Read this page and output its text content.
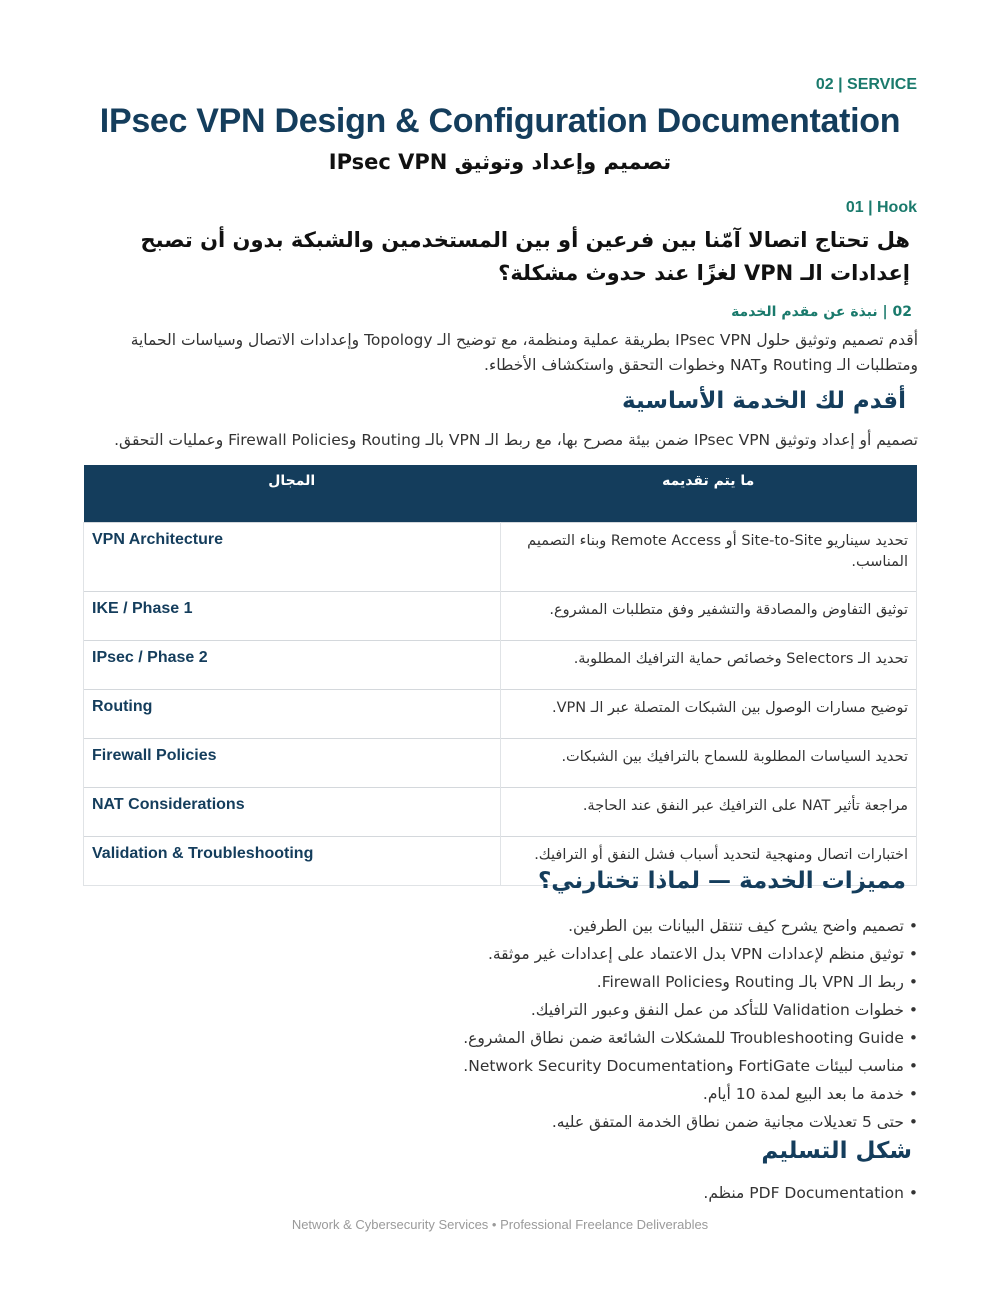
02 | SERVICE
IPsec VPN Design & Configuration Documentation
تصميم وإعداد وتوثيق IPsec VPN
01 | Hook
هل تحتاج اتصالا آمّنا بين فرعين أو بين المستخدمين والشبكة بدون أن تصبح إعدادات الـ VPN لغزًا عند حدوث مشكلة؟
02 | نبذة عن مقدم الخدمة
أقدم تصميم وتوثيق حلول IPsec VPN بطريقة عملية ومنظمة، مع توضيح الـ Topology وإعدادات الاتصال وسياسات الحماية ومتطلبات الـ Routing وNAT وخطوات التحقق واستكشاف الأخطاء.
أقدم لك الخدمة الأساسية
تصميم أو إعداد وتوثيق IPsec VPN ضمن بيئة مصرح بها، مع ربط الـ VPN بالـ Routing وFirewall Policies وعمليات التحقق.
ما يتم تقديمه	المجال
تحديد سيناريو Site-to-Site أو Remote Access وبناء التصميم المناسب.	VPN Architecture
توثيق التفاوض والمصادقة والتشفير وفق متطلبات المشروع.	IKE / Phase 1
تحديد الـ Selectors وخصائص حماية الترافيك المطلوبة.	IPsec / Phase 2
توضيح مسارات الوصول بين الشبكات المتصلة عبر الـ VPN.	Routing
تحديد السياسات المطلوبة للسماح بالترافيك بين الشبكات.	Firewall Policies
مراجعة تأثير NAT على الترافيك عبر النفق عند الحاجة.	NAT Considerations
اختبارات اتصال ومنهجية لتحديد أسباب فشل النفق أو الترافيك.	Validation & Troubleshooting
مميزات الخدمة — لماذا تختارني؟
• تصميم واضح يشرح كيف تنتقل البيانات بين الطرفين.
• توثيق منظم لإعدادات VPN بدل الاعتماد على إعدادات غير موثقة.
• ربط الـ VPN بالـ Routing وFirewall Policies.
• خطوات Validation للتأكد من عمل النفق وعبور الترافيك.
• Troubleshooting Guide للمشكلات الشائعة ضمن نطاق المشروع.
• مناسب لبيئات FortiGate وNetwork Security Documentation.
• خدمة ما بعد البيع لمدة 10 أيام.
• حتى 5 تعديلات مجانية ضمن نطاق الخدمة المتفق عليه.
شكل التسليم
• PDF Documentation منظم.
Network & Cybersecurity Services • Professional Freelance Deliverables
